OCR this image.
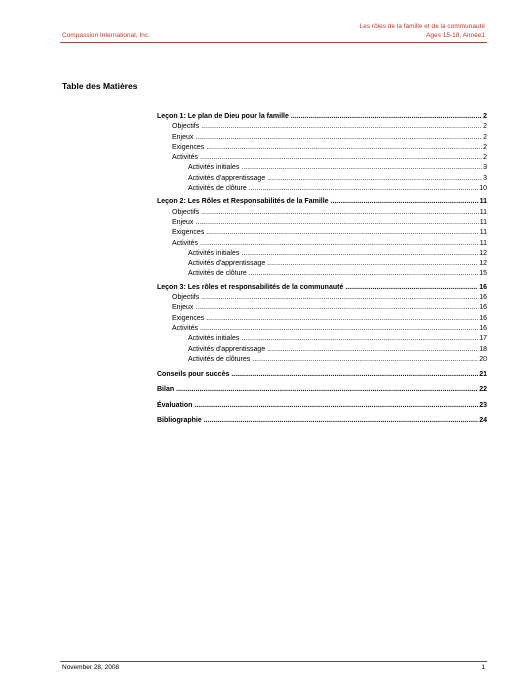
Compassion International, Inc.
Les rôles de la famille et de la communauté
Ages 15-18, Année1
Table des Matières
Leçon 1: Le plan de Dieu pour la famille .....	2
Objectifs .....	2
Enjeux .....	2
Exigences .....	2
Activités .....	2
Activités initiales .....	3
Activités d'apprentissage .....	3
Activités de clôture .....	10
Leçon 2: Les Rôles et Responsabilités de la Famille .....	11
Objectifs .....	11
Enjeux .....	11
Exigences .....	11
Activités .....	11
Activités initiales .....	12
Activités d'apprentissage .....	12
Activités de clôture .....	15
Leçon 3: Les rôles et responsabilités de la communauté .....	16
Objectifs .....	16
Enjeux .....	16
Exigences .....	16
Activités .....	16
Activités initiales .....	17
Activités d'apprentissage .....	18
Activités de clôtures .....	20
Conseils pour succès .....	21
Bilan .....	22
Évaluation .....	23
Bibliographie .....	24
November 28, 2008	1
